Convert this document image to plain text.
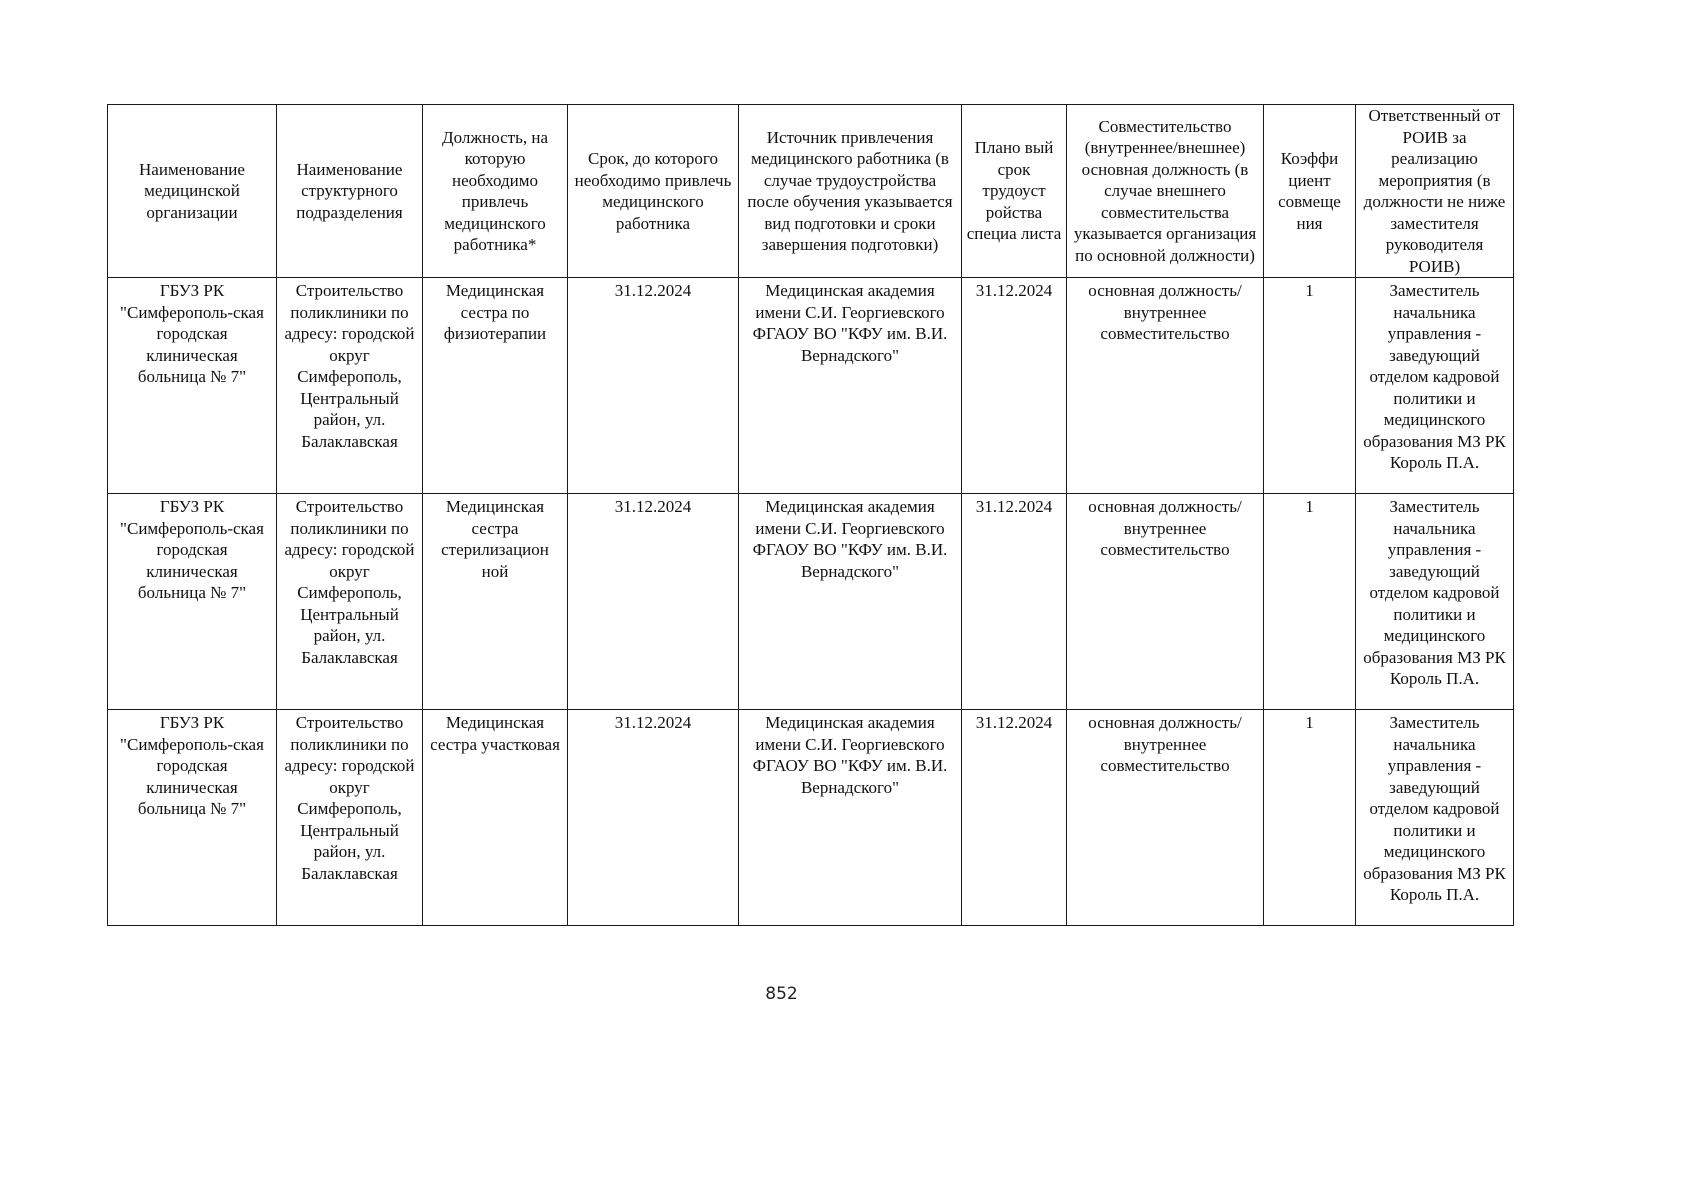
Наименование медицинской организации	Наименование структурного подразделения	Должность, на которую необходимо привлечь медицинского работника*	Срок, до которого необходимо привлечь медицинского работника	Источник привлечения медицинского работника (в случае трудоустройства после обучения указывается вид подготовки и сроки завершения подготовки)	Плано вый срок трудоуст ройства специа листа	Совместительство (внутреннее/внешнее) основная должность (в случае внешнего совместительства указывается организация по основной должности)	Коэффи циент совмеще ния	Ответственный от РОИВ за реализацию мероприятия (в должности не ниже заместителя руководителя РОИВ)
ГБУЗ РК "Симферополь-ская городская клиническая больница № 7"	Строительство поликлиники по адресу: городской округ Симферополь, Центральный район, ул. Балаклавская	Медицинская сестра по физиотерапии	31.12.2024	Медицинская академия имени С.И. Георгиевского ФГАОУ ВО "КФУ им. В.И. Вернадского"	31.12.2024	основная должность/ внутреннее совместительство	1	Заместитель начальника управления - заведующий отделом кадровой политики и медицинского образования МЗ РК Король П.А.
ГБУЗ РК "Симферополь-ская городская клиническая больница № 7"	Строительство поликлиники по адресу: городской округ Симферополь, Центральный район, ул. Балаклавская	Медицинская сестра стерилизацион ной	31.12.2024	Медицинская академия имени С.И. Георгиевского ФГАОУ ВО "КФУ им. В.И. Вернадского"	31.12.2024	основная должность/ внутреннее совместительство	1	Заместитель начальника управления - заведующий отделом кадровой политики и медицинского образования МЗ РК Король П.А.
ГБУЗ РК "Симферополь-ская городская клиническая больница № 7"	Строительство поликлиники по адресу: городской округ Симферополь, Центральный район, ул. Балаклавская	Медицинская сестра участковая	31.12.2024	Медицинская академия имени С.И. Георгиевского ФГАОУ ВО "КФУ им. В.И. Вернадского"	31.12.2024	основная должность/ внутреннее совместительство	1	Заместитель начальника управления - заведующий отделом кадровой политики и медицинского образования МЗ РК Король П.А.
852
